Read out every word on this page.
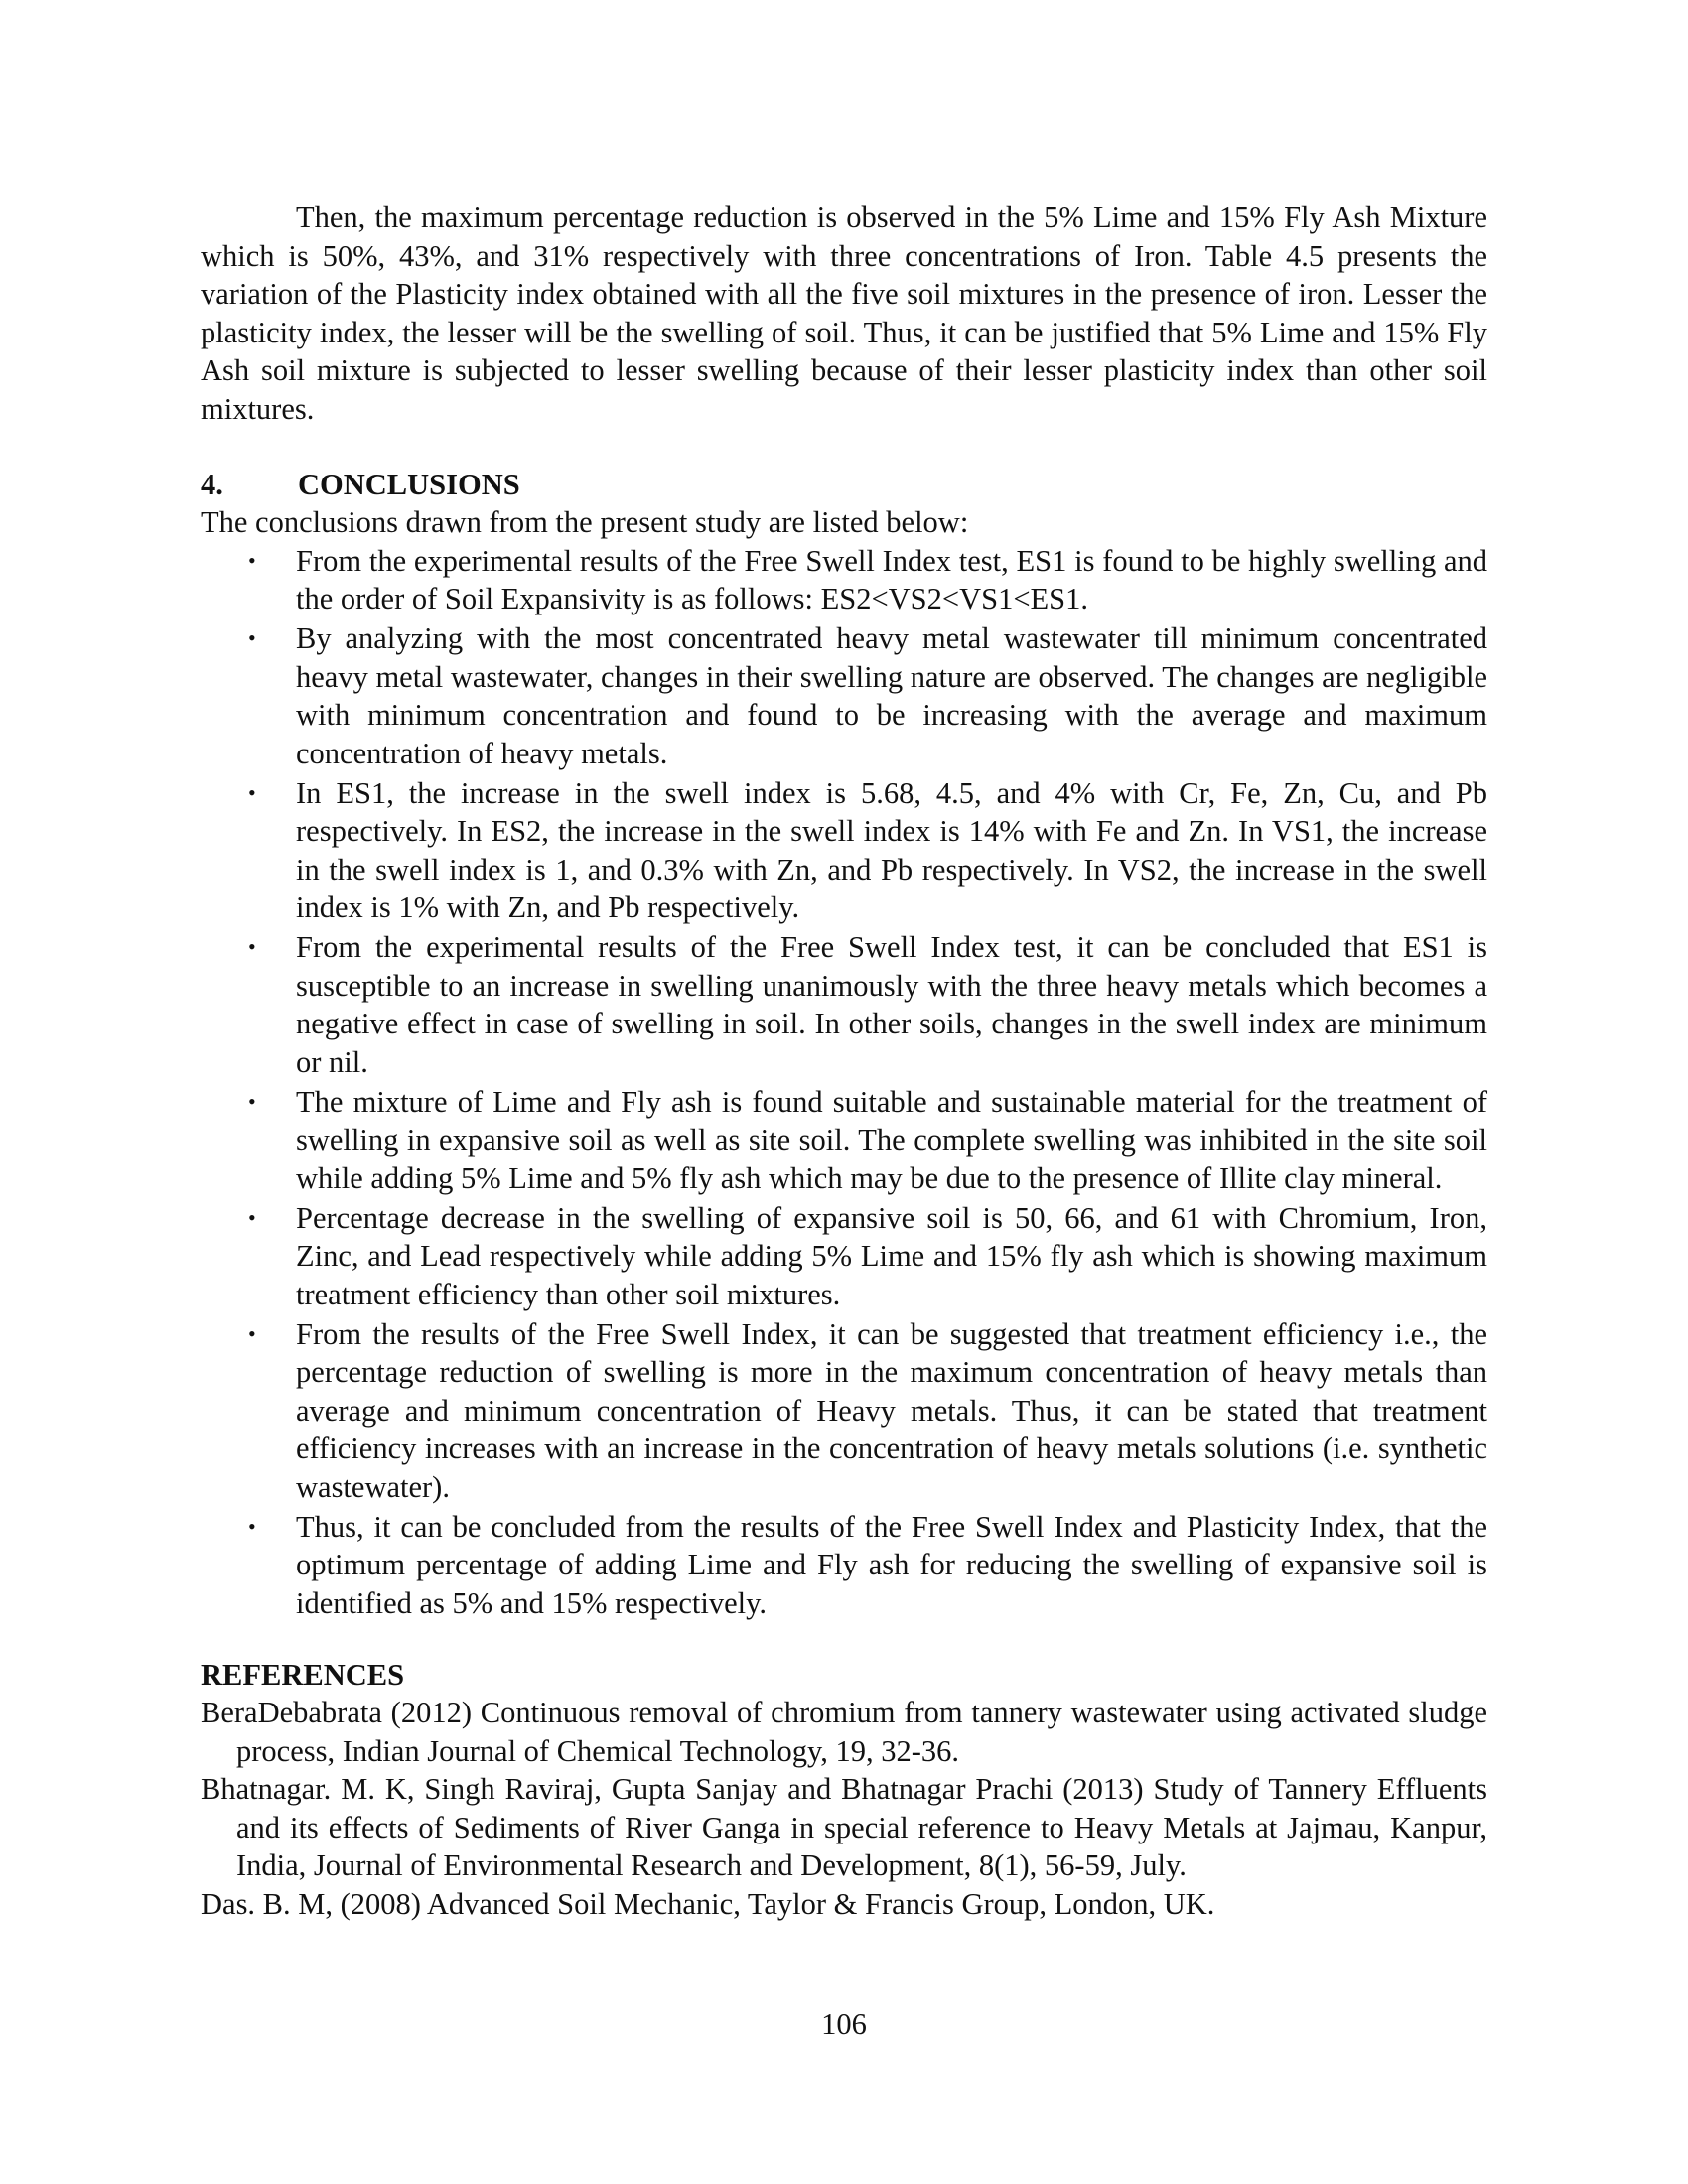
Then, the maximum percentage reduction is observed in the 5% Lime and 15% Fly Ash Mixture which is 50%, 43%, and 31% respectively with three concentrations of Iron. Table 4.5 presents the variation of the Plasticity index obtained with all the five soil mixtures in the presence of iron. Lesser the plasticity index, the lesser will be the swelling of soil. Thus, it can be justified that 5% Lime and 15% Fly Ash soil mixture is subjected to lesser swelling because of their lesser plasticity index than other soil mixtures.

4.	CONCLUSIONS

The conclusions drawn from the present study are listed below:

• From the experimental results of the Free Swell Index test, ES1 is found to be highly swelling and the order of Soil Expansivity is as follows: ES2<VS2<VS1<ES1.
• By analyzing with the most concentrated heavy metal wastewater till minimum concentrated heavy metal wastewater, changes in their swelling nature are observed. The changes are negligible with minimum concentration and found to be increasing with the average and maximum concentration of heavy metals.
• In ES1, the increase in the swell index is 5.68, 4.5, and 4% with Cr, Fe, Zn, Cu, and Pb respectively. In ES2, the increase in the swell index is 14% with Fe and Zn. In VS1, the increase in the swell index is 1, and 0.3% with Zn, and Pb respectively. In VS2, the increase in the swell index is 1% with Zn, and Pb respectively.
• From the experimental results of the Free Swell Index test, it can be concluded that ES1 is susceptible to an increase in swelling unanimously with the three heavy metals which becomes a negative effect in case of swelling in soil. In other soils, changes in the swell index are minimum or nil.
• The mixture of Lime and Fly ash is found suitable and sustainable material for the treatment of swelling in expansive soil as well as site soil. The complete swelling was inhibited in the site soil while adding 5% Lime and 5% fly ash which may be due to the presence of Illite clay mineral.
• Percentage decrease in the swelling of expansive soil is 50, 66, and 61 with Chromium, Iron, Zinc, and Lead respectively while adding 5% Lime and 15% fly ash which is showing maximum treatment efficiency than other soil mixtures.
• From the results of the Free Swell Index, it can be suggested that treatment efficiency i.e., the percentage reduction of swelling is more in the maximum concentration of heavy metals than average and minimum concentration of Heavy metals. Thus, it can be stated that treatment efficiency increases with an increase in the concentration of heavy metals solutions (i.e. synthetic wastewater).
• Thus, it can be concluded from the results of the Free Swell Index and Plasticity Index, that the optimum percentage of adding Lime and Fly ash for reducing the swelling of expansive soil is identified as 5% and 15% respectively.

REFERENCES

BeraDebabrata (2012) Continuous removal of chromium from tannery wastewater using activated sludge process, Indian Journal of Chemical Technology, 19, 32-36.

Bhatnagar. M. K, Singh Raviraj, Gupta Sanjay and Bhatnagar Prachi (2013) Study of Tannery Effluents and its effects of Sediments of River Ganga in special reference to Heavy Metals at Jajmau, Kanpur, India, Journal of Environmental Research and Development, 8(1), 56-59, July.

Das. B. M, (2008) Advanced Soil Mechanic, Taylor & Francis Group, London, UK.

106
